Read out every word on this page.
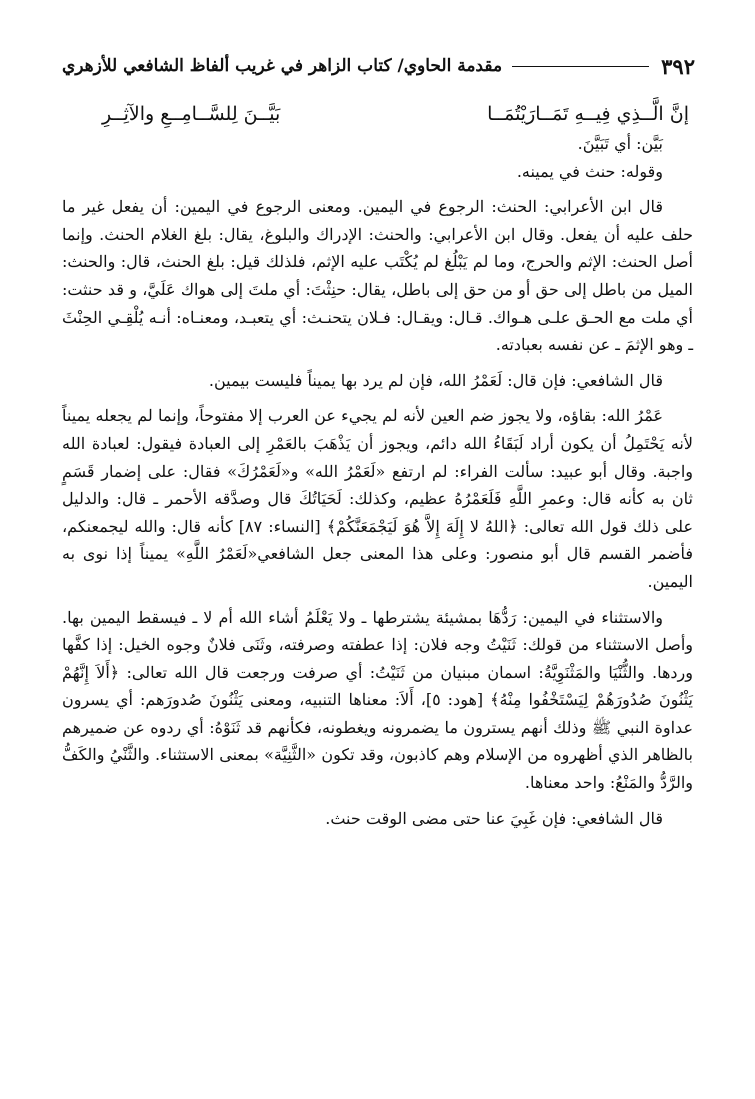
٣٩٢
مقدمة الحاوي/ كتاب الزاهر في غريب ألفاظ الشافعي للأزهري
إنَّ الَّــذِي فِيــهِ تَمَــارَيْتُمَــا
بَيَّــنَ لِلسَّــامِــعِ والآثِــرِ

بَيَّن: أي تَبَيَّنَ.

وقوله: حنث في يمينه.

قال ابن الأعرابي: الحنث: الرجوع في اليمين. ومعنى الرجوع في اليمين: أن يفعل غير ما حلف عليه أن يفعل. وقال ابن الأعرابي: والحنث: الإدراك والبلوغ، يقال: بلغ الغلام الحنث. وإنما أصل الحنث: الإثم والحرج، وما لم يَبْلُغ لم يُكْتَب عليه الإثم، فلذلك قيل: بلغ الحنث، قال: والحنث: الميل من باطل إلى حق أو من حق إلى باطل، يقال: حنِثْتَ: أي ملتَ إلى هواك عَلَيَّ، و قد حنثت: أي ملت مع الحـق علـى هـواك. قـال: ويقـال: فـلان يتحنـث: أي يتعبـد، ومعنـاه: أنـه يُلْقِـي الحِنْثَ ـ وهو الإثمَ ـ عن نفسه بعبادته.

قال الشافعي: فإن قال: لَعَمْرُ الله، فإن لم يرد بها يميناً فليست بيمين.

عَمْرُ الله: بقاؤه، ولا يجوز ضم العين لأنه لم يجيء عن العرب إلا مفتوحاً، وإنما لم يجعله يميناً لأنه يَحْتَمِلُ أن يكون أراد لَبَقَاءُ الله دائم، ويجوز أن يَذْهَبَ بالعَمْرِ إلى العبادة فيقول: لعبادة الله واجبة. وقال أبو عبيد: سألت الفراء: لم ارتفع «لَعَمْرُ الله» و«لَعَمْرُكَ» فقال: على إضمار قَسَمٍ ثان به كأنه قال: وعمرِ اللَّهِ فَلَعَمْرُهُ عظيم، وكذلك: لَحَيَاتُكَ قال وصدَّقه الأحمر ـ قال: والدليل على ذلك قول الله تعالى: ﴿اللهُ لا إِلَهَ إِلاَّ هُوَ لَيَجْمَعَنَّكُمْ﴾ [النساء: ٨٧] كأنه قال: والله ليجمعنكم، فأضمر القسم قال أبو منصور: وعلى هذا المعنى جعل الشافعي«لَعَمْرُ اللَّهِ» يميناً إذا نوى به اليمين.

والاستثناء في اليمين: رَدُّهَا بمشيئة يشترطها ـ ولا يَعْلَمُ أشاء الله أم لا ـ فيسقط اليمين بها. وأصل الاستثناء من قولك: ثَنَيْتُ وجه فلان: إذا عطفته وصرفته، وثَنَى فلانٌ وجوه الخيل: إذا كفَّها وردها. والثُّنْيَا والمَثْنَوِيَّةُ: اسمان مبنيان من ثَنَيْتُ: أي صرفت ورجعت قال الله تعالى: ﴿أَلاَ إِنَّهُمْ يَثْنُونَ صُدُورَهُمْ لِيَسْتَخْفُوا مِنْهُ﴾ [هود: ٥]، أَلاَ: معناها التنبيه، ومعنى يَثْنُونَ صُدورَهم: أي يسرون عداوة النبي ﷺ وذلك أنهم يسترون ما يضمرونه ويغطونه، فكأنهم قد ثَنَوْهُ: أي ردوه عن ضميرهم بالظاهر الذي أظهروه من الإسلام وهم كاذبون، وقد تكون «الثَّنِيَّة» بمعنى الاستثناء. والثَّنْيُ والكَفُّ والرَّدُّ والمَنْعُ: واحد معناها.

قال الشافعي: فإن غَبِيَ عنا حتى مضى الوقت حنث.
